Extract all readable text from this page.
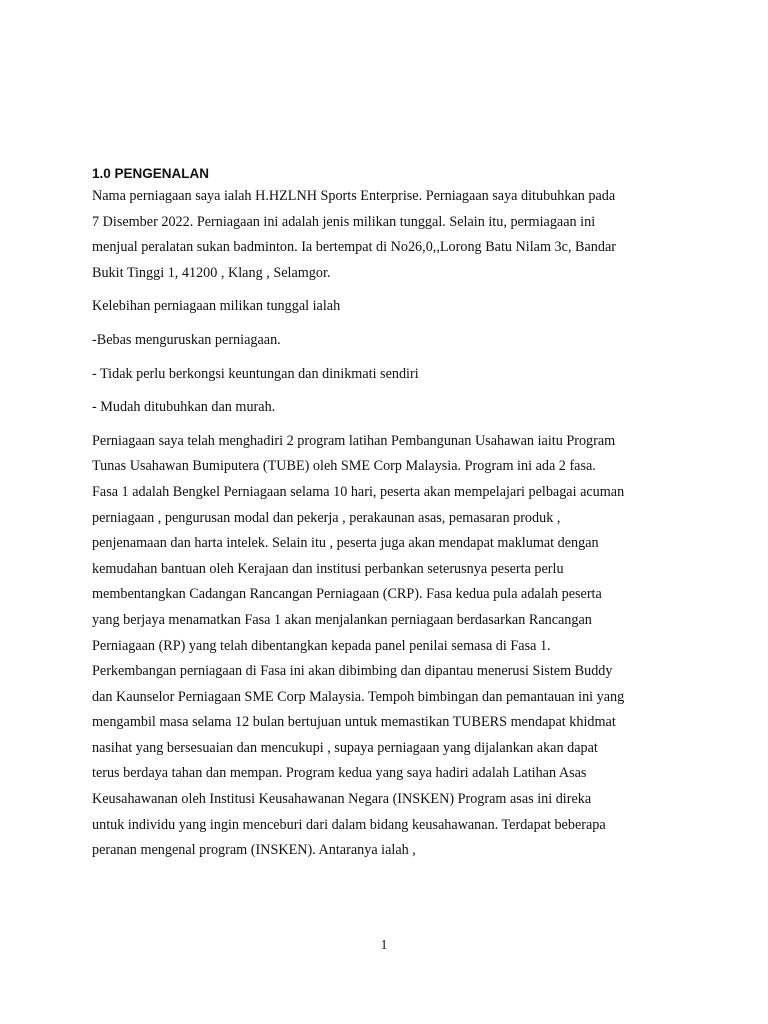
1.0 PENGENALAN

Nama perniagaan saya ialah H.HZLNH Sports Enterprise. Perniagaan saya ditubuhkan pada
7 Disember 2022. Perniagaan ini adalah jenis milikan tunggal. Selain itu, permiagaan ini
menjual peralatan sukan badminton. Ia bertempat di No26,0,,Lorong Batu Nilam 3c, Bandar
Bukit Tinggi 1, 41200 , Klang , Selamgor.

Kelebihan perniagaan milikan tunggal ialah

-Bebas menguruskan perniagaan.

- Tidak perlu berkongsi keuntungan dan dinikmati sendiri

- Mudah ditubuhkan dan murah.

Perniagaan saya telah menghadiri 2 program latihan Pembangunan Usahawan iaitu Program
Tunas Usahawan Bumiputera (TUBE) oleh SME Corp Malaysia. Program ini ada 2 fasa.
Fasa 1 adalah Bengkel Perniagaan selama 10 hari, peserta akan mempelajari pelbagai acuman
perniagaan , pengurusan modal dan pekerja , perakaunan asas, pemasaran produk ,
penjenamaan dan harta intelek. Selain itu , peserta juga akan mendapat maklumat dengan
kemudahan bantuan oleh Kerajaan dan institusi perbankan seterusnya peserta perlu
membentangkan Cadangan Rancangan Perniagaan (CRP). Fasa kedua pula adalah peserta
yang berjaya menamatkan Fasa 1 akan menjalankan perniagaan berdasarkan Rancangan
Perniagaan (RP) yang telah dibentangkan kepada panel penilai semasa di Fasa 1.
Perkembangan perniagaan di Fasa ini akan dibimbing dan dipantau menerusi Sistem Buddy
dan Kaunselor Perniagaan SME Corp Malaysia. Tempoh bimbingan dan pemantauan ini yang
mengambil masa selama 12 bulan bertujuan untuk memastikan TUBERS mendapat khidmat
nasihat yang bersesuaian dan mencukupi , supaya perniagaan yang dijalankan akan dapat
terus berdaya tahan dan mempan. Program kedua yang saya hadiri adalah Latihan Asas
Keusahawanan oleh Institusi Keusahawanan Negara (INSKEN) Program asas ini direka
untuk individu yang ingin menceburi dari dalam bidang keusahawanan. Terdapat beberapa
peranan mengenal program (INSKEN). Antaranya ialah ,

1
